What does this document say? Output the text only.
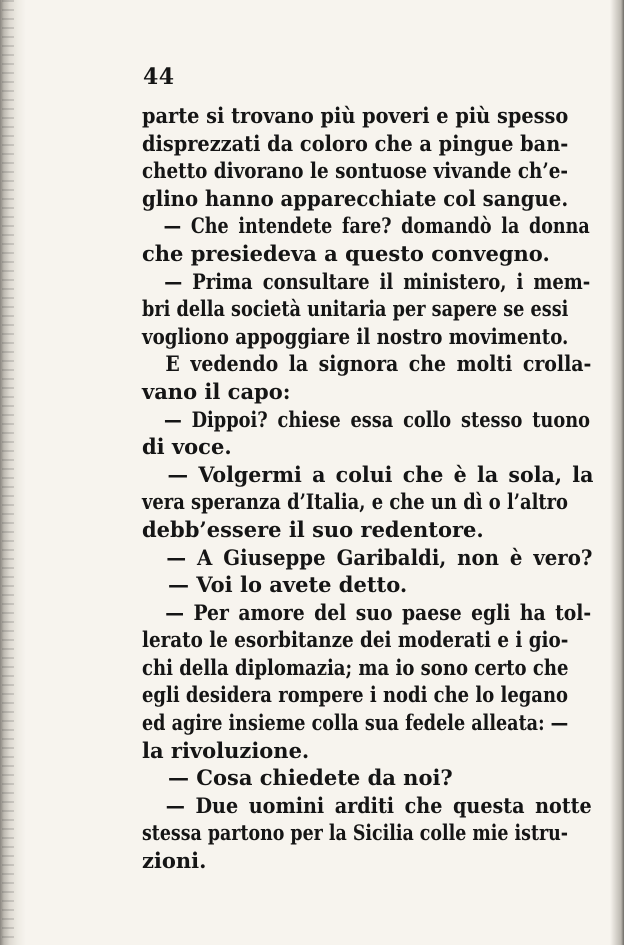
44
parte si trovano più poveri e più spesso
disprezzati da coloro che a pingue ban-
chetto divorano le sontuose vivande ch’e-
glino hanno apparecchiate col sangue.
— Che intendete fare? domandò la donna
che presiedeva a questo convegno.
— Prima consultare il ministero, i mem-
bri della società unitaria per sapere se essi
vogliono appoggiare il nostro movimento.
E vedendo la signora che molti crolla-
vano il capo:
— Dippoi? chiese essa collo stesso tuono
di voce.
— Volgermi a colui che è la sola, la
vera speranza d’Italia, e che un dì o l’altro
debb’essere il suo redentore.
— A Giuseppe Garibaldi, non è vero?
— Voi lo avete detto.
— Per amore del suo paese egli ha tol-
lerato le esorbitanze dei moderati e i gio-
chi della diplomazia; ma io sono certo che
egli desidera rompere i nodi che lo legano
ed agire insieme colla sua fedele alleata: —
la rivoluzione.
— Cosa chiedete da noi?
— Due uomini arditi che questa notte
stessa partono per la Sicilia colle mie istru-
zioni.
